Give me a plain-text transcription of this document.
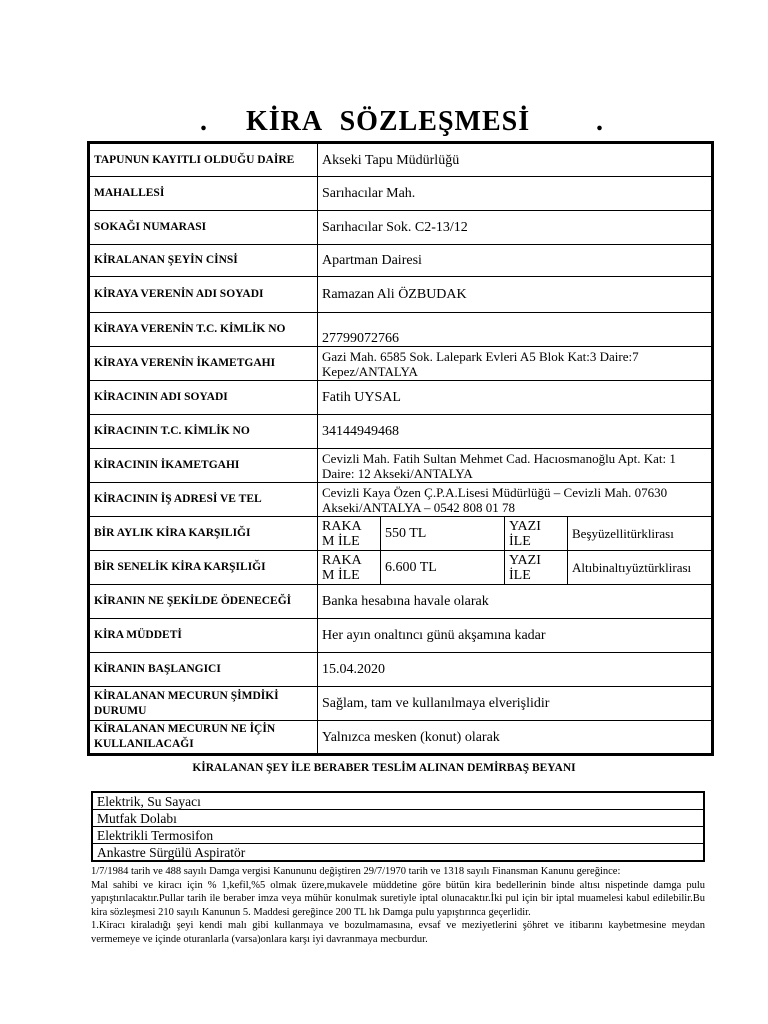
. KİRA SÖZLEŞMESİ .
TAPUNUN KAYITLI OLDUĞU DAİRE	Akseki Tapu Müdürlüğü			
MAHALLESİ	Sarıhacılar Mah.			
SOKAĞI NUMARASI	Sarıhacılar Sok. C2-13/12			
KİRALANAN ŞEYİN CİNSİ	Apartman Dairesi			
KİRAYA VERENİN ADI SOYADI	Ramazan Ali ÖZBUDAK			
KİRAYA VERENİN T.C. KİMLİK NO	27799072766			
KİRAYA VERENİN İKAMETGAHI	Gazi Mah. 6585 Sok. Lalepark Evleri A5 Blok Kat:3 Daire:7 Kepez/ANTALYA			
KİRACININ ADI SOYADI	Fatih UYSAL			
KİRACININ T.C. KİMLİK NO	34144949468			
KİRACININ İKAMETGAHI	Cevizli Mah. Fatih Sultan Mehmet Cad. Hacıosmanoğlu Apt. Kat: 1 Daire: 12 Akseki/ANTALYA			
KİRACININ İŞ ADRESİ VE TEL	Cevizli Kaya Özen Ç.P.A.Lisesi Müdürlüğü – Cevizli Mah. 07630 Akseki/ANTALYA – 0542 808 01 78			
BİR AYLIK KİRA KARŞILIĞI	RAKA M İLE	550 TL	YAZI İLE	Beşyüzellitürklirası
BİR SENELİK KİRA KARŞILIĞI	RAKA M İLE	6.600 TL	YAZI İLE	Altıbinaltıyüztürklirası
KİRANIN NE ŞEKİLDE ÖDENECEĞİ	Banka hesabına havale olarak			
KİRA MÜDDETİ	Her ayın onaltıncı günü akşamına kadar			
KİRANIN BAŞLANGICI	15.04.2020			
KİRALANAN MECURUN ŞİMDİKİ DURUMU	Sağlam, tam ve kullanılmaya elverişlidir			
KİRALANAN MECURUN NE İÇİN KULLANILACAĞI	Yalnızca mesken (konut) olarak			
KİRALANAN ŞEY İLE BERABER TESLİM ALINAN DEMİRBAŞ BEYANI
Elektrik, Su Sayacı
Mutfak Dolabı
Elektrikli Termosifon
Ankastre Sürgülü Aspiratör

1/7/1984 tarih ve 488 sayılı Damga vergisi Kanununu değiştiren 29/7/1970 tarih ve 1318 sayılı Finansman Kanunu gereğince:

Mal sahibi ve kiracı için % 1,kefil,%5 olmak üzere,mukavele müddetine göre bütün kira bedellerinin binde altısı nispetinde damga pulu yapıştırılacaktır.Pullar tarih ile beraber imza veya mühür konulmak suretiyle iptal olunacaktır.İki pul için bir iptal muamelesi kabul edilebilir.Bu kira sözleşmesi 210 sayılı Kanunun 5. Maddesi gereğince 200 TL lık Damga pulu yapıştırınca geçerlidir.

1.Kiracı kiraladığı şeyi kendi malı gibi kullanmaya ve bozulmamasına, evsaf ve meziyetlerini şöhret ve itibarını kaybetmesine meydan vermemeye ve içinde oturanlarla (varsa)onlara karşı iyi davranmaya mecburdur.
